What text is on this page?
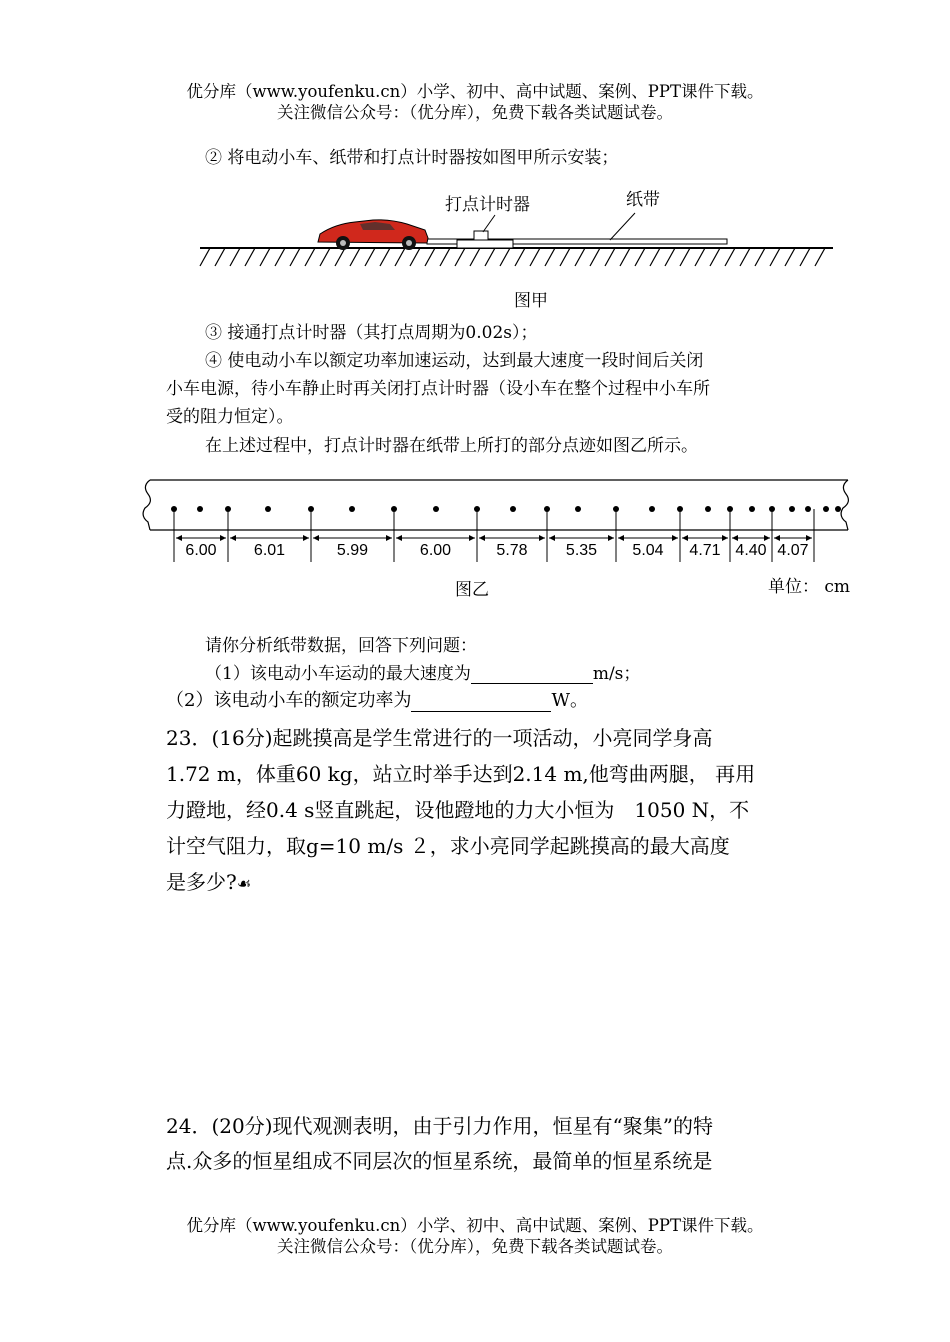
优分库（www.youfenku.cn）小学、初中、高中试题、案例、PPT课件下载。
关注微信公众号：（优分库），免费下载各类试题试卷。
② 将电动小车、纸带和打点计时器按如图甲所示安装；
打点计时器	纸带
图甲
③ 接通打点计时器（其打点周期为0.02s）；
④ 使电动小车以额定功率加速运动，达到最大速度一段时间后关闭
小车电源，待小车静止时再关闭打点计时器（设小车在整个过程中小车所
受的阻力恒定）。
在上述过程中，打点计时器在纸带上所打的部分点迹如图乙所示。
6.00 6.01	5.99	6.00	5.78 5.35 5.04 4.71 4.40 4.07
图乙	单位： cm
请你分析纸带数据，回答下列问题：
（1）该电动小车运动的最大速度为	m/s；
（2）该电动小车的额定功率为	W。
23．(16分)起跳摸高是学生常进行的一项活动，小亮同学身高
1.72 m，体重60 kg，站立时举手达到2.14 m,他弯曲两腿， 再用
力蹬地，经0.4 s竖直跳起，设他蹬地的力大小恒为　1050 N，不
计空气阻力，取g=10 m/s ２，求小亮同学起跳摸高的最大高度
是多少?☙
24．(20分)现代观测表明，由于引力作用，恒星有“聚集”的特
点.众多的恒星组成不同层次的恒星系统，最简单的恒星系统是
优分库（www.youfenku.cn）小学、初中、高中试题、案例、PPT课件下载。
关注微信公众号：（优分库），免费下载各类试题试卷。
